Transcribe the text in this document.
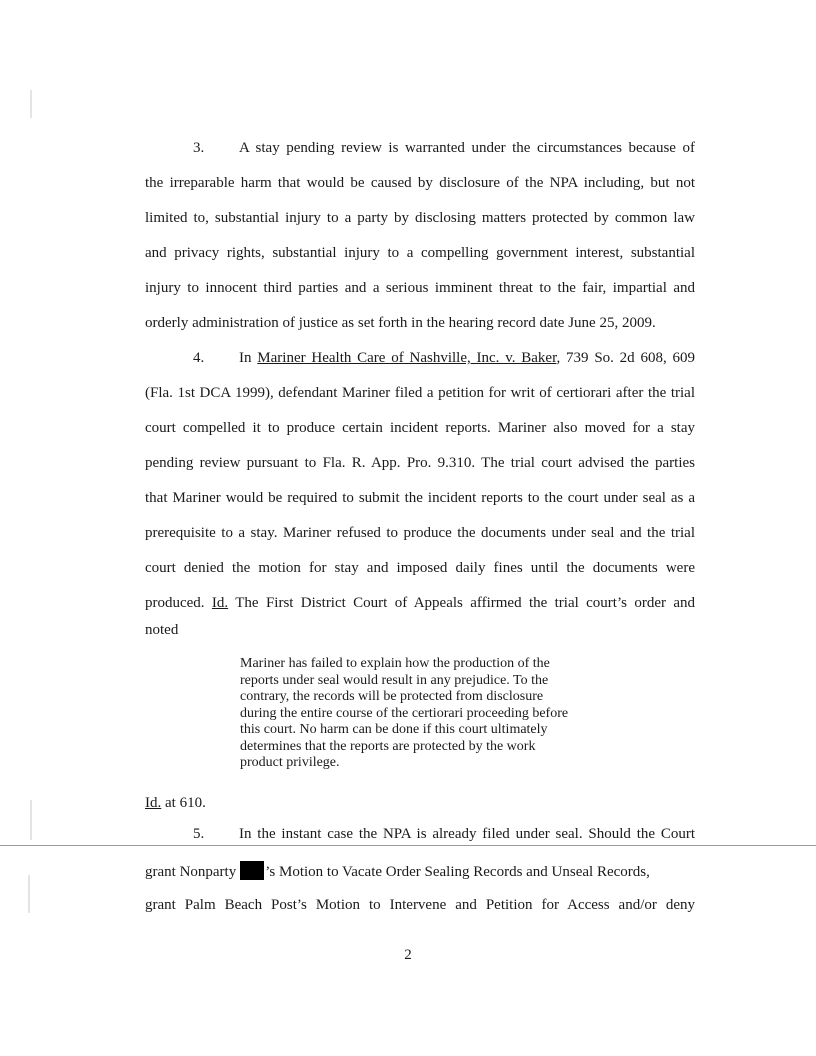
3. A stay pending review is warranted under the circumstances because of
the irreparable harm that would be caused by disclosure of the NPA including, but not
limited to, substantial injury to a party by disclosing matters protected by common law
and privacy rights, substantial injury to a compelling government interest, substantial
injury to innocent third parties and a serious imminent threat to the fair, impartial and
orderly administration of justice as set forth in the hearing record date June 25, 2009.
4. In Mariner Health Care of Nashville, Inc. v. Baker, 739 So. 2d 608, 609
(Fla. 1st DCA 1999), defendant Mariner filed a petition for writ of certiorari after the trial
court compelled it to produce certain incident reports. Mariner also moved for a stay
pending review pursuant to Fla. R. App. Pro. 9.310. The trial court advised the parties
that Mariner would be required to submit the incident reports to the court under seal as a
prerequisite to a stay. Mariner refused to produce the documents under seal and the trial
court denied the motion for stay and imposed daily fines until the documents were
produced. Id. The First District Court of Appeals affirmed the trial court’s order and
noted
Mariner has failed to explain how the production of the
reports under seal would result in any prejudice. To the
contrary, the records will be protected from disclosure
during the entire course of the certiorari proceeding before
this court. No harm can be done if this court ultimately
determines that the reports are protected by the work
product privilege.
Id. at 610.
5. In the instant case the NPA is already filed under seal. Should the Court
grant Nonparty ’s Motion to Vacate Order Sealing Records and Unseal Records,
grant Palm Beach Post’s Motion to Intervene and Petition for Access and/or deny
2
